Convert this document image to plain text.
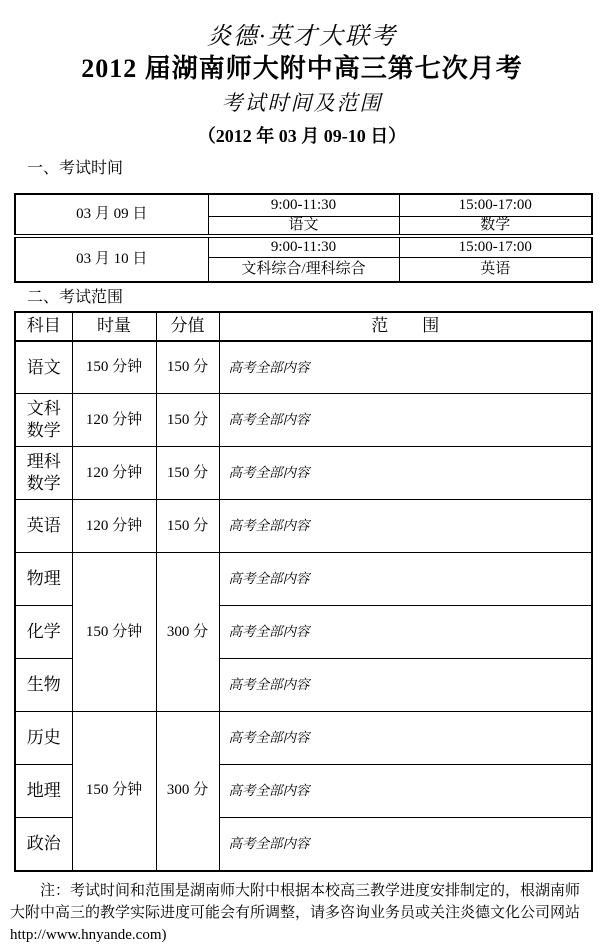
炎德·英才大联考
2012 届湖南师大附中高三第七次月考
考试时间及范围
（2012 年 03 月 09-10 日）
一、考试时间
03 月 09 日	9:00-11:30	15:00-17:00
	语文	数学
03 月 10 日	9:00-11:30	15:00-17:00
	文科综合/理科综合	英语
二、考试范围
科目	时量	分值	范　　围
语文	150 分钟	150 分	高考全部内容
文科数学	120 分钟	150 分	高考全部内容
理科数学	120 分钟	150 分	高考全部内容
英语	120 分钟	150 分	高考全部内容
物理	150 分钟	300 分	高考全部内容
化学			高考全部内容
生物			高考全部内容
历史	150 分钟	300 分	高考全部内容
地理			高考全部内容
政治			高考全部内容
注：考试时间和范围是湖南师大附中根据本校高三教学进度安排制定的，根湖南师
大附中高三的教学实际进度可能会有所调整，请多咨询业务员或关注炎德文化公司网站
http://www.hnyande.com)
